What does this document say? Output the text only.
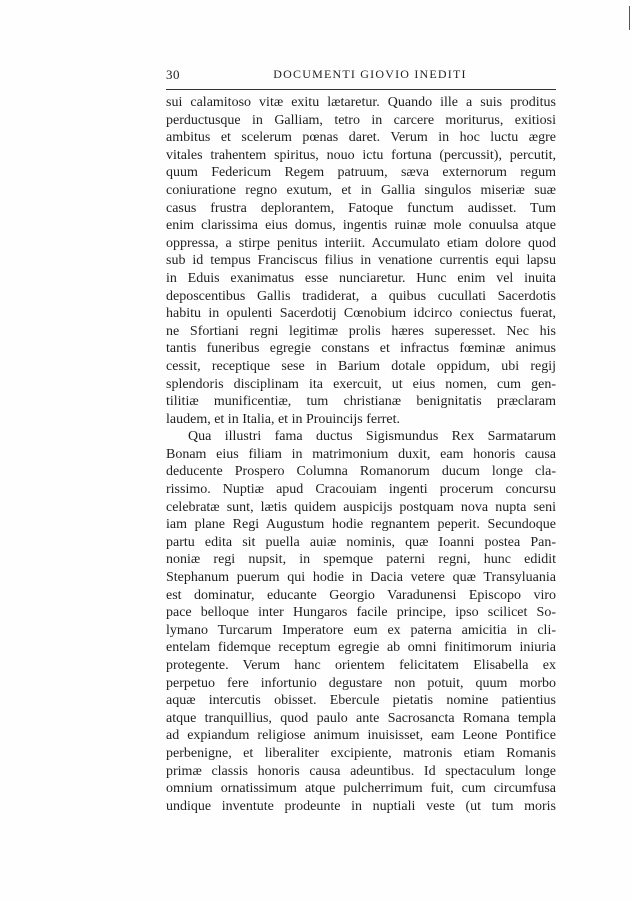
30	DOCUMENTI GIOVIO INEDITI
sui calamitoso vitæ exitu lætaretur. Quando ille a suis proditus
perductusque in Galliam, tetro in carcere moriturus, exitiosi
ambitus et scelerum pœnas daret. Verum in hoc luctu ægre
vitales trahentem spiritus, nouo ictu fortuna (percussit), percutit,
quum Federicum Regem patruum, sæva externorum regum
coniuratione regno exutum, et in Gallia singulos miseriæ suæ
casus frustra deplorantem, Fatoque functum audisset. Tum
enim clarissima eius domus, ingentis ruinæ mole conuulsa atque
oppressa, a stirpe penitus interiit. Accumulato etiam dolore quod
sub id tempus Franciscus filius in venatione currentis equi lapsu
in Eduis exanimatus esse nunciaretur. Hunc enim vel inuita
deposcentibus Gallis tradiderat, a quibus cucullati Sacerdotis
habitu in opulenti Sacerdotij Cœnobium idcirco coniectus fuerat,
ne Sfortiani regni legitimæ prolis hæres superesset. Nec his
tantis funeribus egregie constans et infractus fœminæ animus
cessit, receptique sese in Barium dotale oppidum, ubi regij
splendoris disciplinam ita exercuit, ut eius nomen, cum gen-
tilitiæ munificentiæ, tum christianæ benignitatis præclaram
laudem, et in Italia, et in Prouincijs ferret.
Qua illustri fama ductus Sigismundus Rex Sarmatarum
Bonam eius filiam in matrimonium duxit, eam honoris causa
deducente Prospero Columna Romanorum ducum longe cla-
rissimo. Nuptiæ apud Cracouiam ingenti procerum concursu
celebratæ sunt, lætis quidem auspicijs postquam nova nupta seni
iam plane Regi Augustum hodie regnantem peperit. Secundoque
partu edita sit puella auiæ nominis, quæ Ioanni postea Pan-
noniæ regi nupsit, in spemque paterni regni, hunc edidit
Stephanum puerum qui hodie in Dacia vetere quæ Transyluania
est dominatur, educante Georgio Varadunensi Episcopo viro
pace belloque inter Hungaros facile principe, ipso scilicet So-
lymano Turcarum Imperatore eum ex paterna amicitia in cli-
entelam fidemque receptum egregie ab omni finitimorum iniuria
protegente. Verum hanc orientem felicitatem Elisabella ex
perpetuo fere infortunio degustare non potuit, quum morbo
aquæ intercutis obisset. Ebercule pietatis nomine patientius
atque tranquillius, quod paulo ante Sacrosancta Romana templa
ad expiandum religiose animum inuisisset, eam Leone Pontifice
perbenigne, et liberaliter excipiente, matronis etiam Romanis
primæ classis honoris causa adeuntibus. Id spectaculum longe
omnium ornatissimum atque pulcherrimum fuit, cum circumfusa
undique inventute prodeunte in nuptiali veste (ut tum moris
